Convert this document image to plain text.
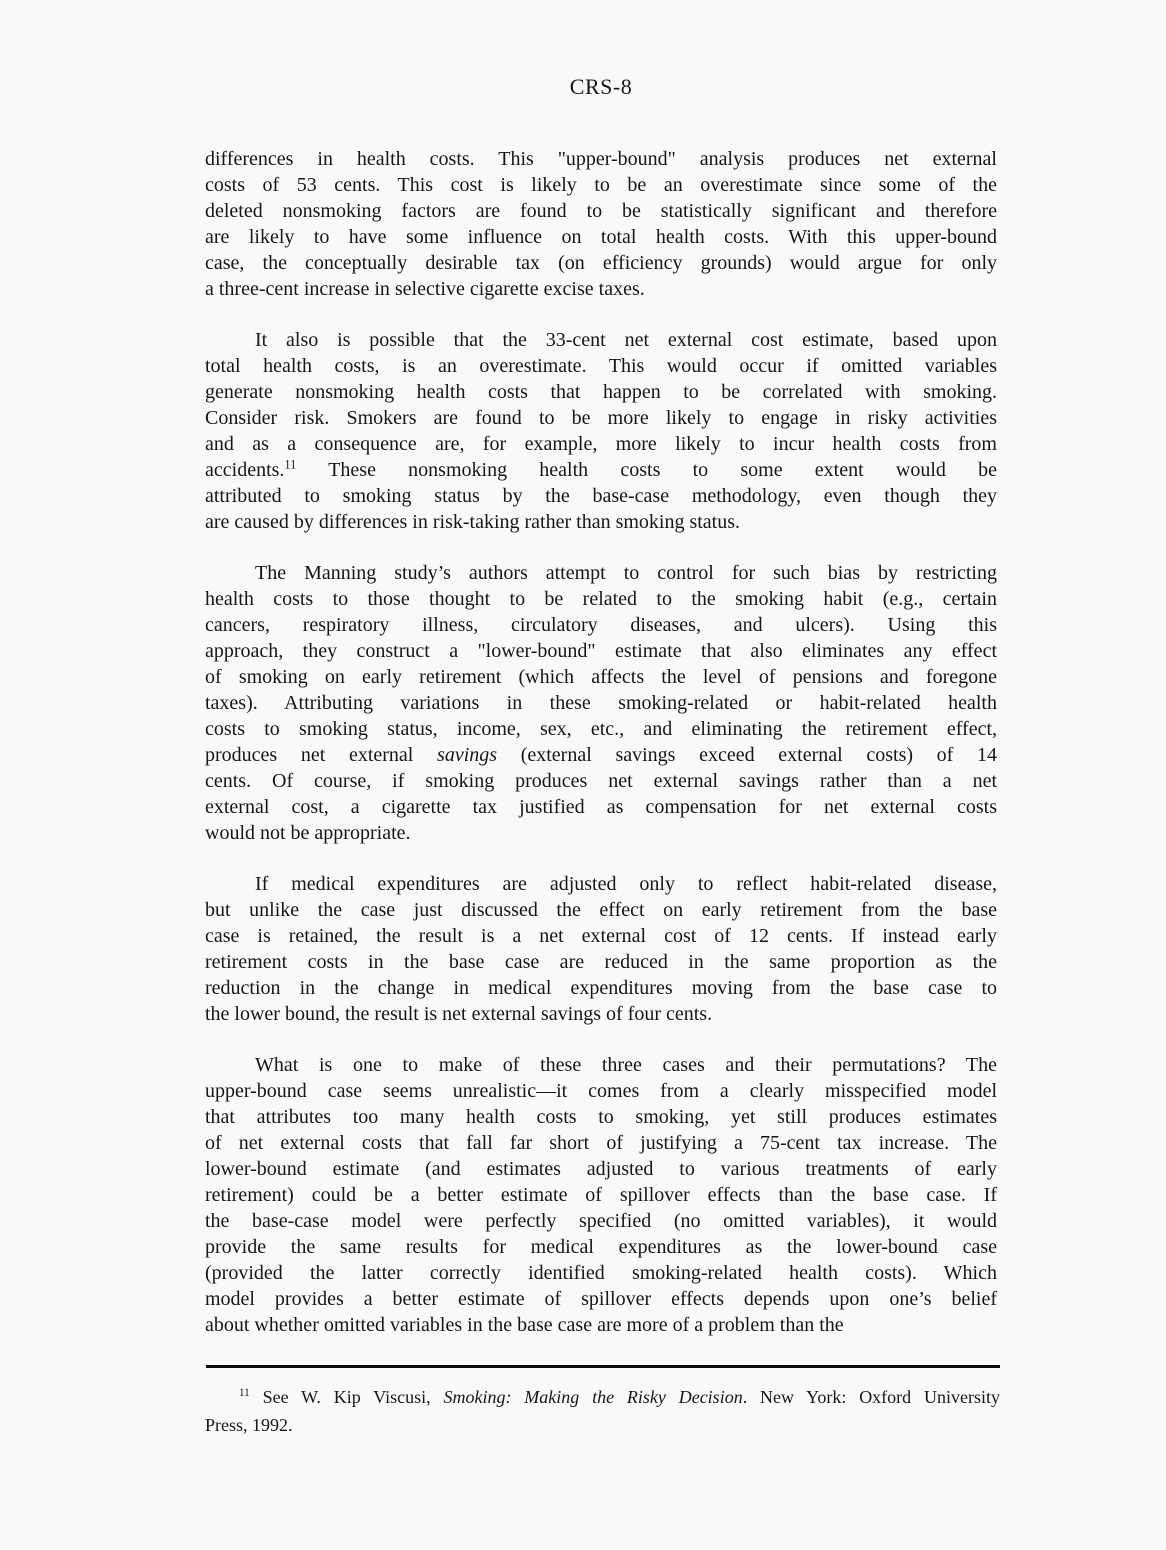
CRS-8
differences in health costs. This "upper-bound" analysis produces net external
costs of 53 cents. This cost is likely to be an overestimate since some of the
deleted nonsmoking factors are found to be statistically significant and therefore
are likely to have some influence on total health costs. With this upper-bound
case, the conceptually desirable tax (on efficiency grounds) would argue for only
a three-cent increase in selective cigarette excise taxes.
It also is possible that the 33-cent net external cost estimate, based upon
total health costs, is an overestimate. This would occur if omitted variables
generate nonsmoking health costs that happen to be correlated with smoking.
Consider risk. Smokers are found to be more likely to engage in risky activities
and as a consequence are, for example, more likely to incur health costs from
accidents.$^{11}$ These nonsmoking health costs to some extent would be
attributed to smoking status by the base-case methodology, even though they
are caused by differences in risk-taking rather than smoking status.
The Manning study’s authors attempt to control for such bias by restricting
health costs to those thought to be related to the smoking habit (e.g., certain
cancers, respiratory illness, circulatory diseases, and ulcers). Using this
approach, they construct a "lower-bound" estimate that also eliminates any effect
of smoking on early retirement (which affects the level of pensions and foregone
taxes). Attributing variations in these smoking-related or habit-related health
costs to smoking status, income, sex, etc., and eliminating the retirement effect,
produces net external savings (external savings exceed external costs) of 14
cents. Of course, if smoking produces net external savings rather than a net
external cost, a cigarette tax justified as compensation for net external costs
would not be appropriate.
If medical expenditures are adjusted only to reflect habit-related disease,
but unlike the case just discussed the effect on early retirement from the base
case is retained, the result is a net external cost of 12 cents. If instead early
retirement costs in the base case are reduced in the same proportion as the
reduction in the change in medical expenditures moving from the base case to
the lower bound, the result is net external savings of four cents.
What is one to make of these three cases and their permutations? The
upper-bound case seems unrealistic—it comes from a clearly misspecified model
that attributes too many health costs to smoking, yet still produces estimates
of net external costs that fall far short of justifying a 75-cent tax increase. The
lower-bound estimate (and estimates adjusted to various treatments of early
retirement) could be a better estimate of spillover effects than the base case. If
the base-case model were perfectly specified (no omitted variables), it would
provide the same results for medical expenditures as the lower-bound case
(provided the latter correctly identified smoking-related health costs). Which
model provides a better estimate of spillover effects depends upon one’s belief
about whether omitted variables in the base case are more of a problem than the
$^{11}$ See W. Kip Viscusi, Smoking: Making the Risky Decision. New York: Oxford University
Press, 1992.
